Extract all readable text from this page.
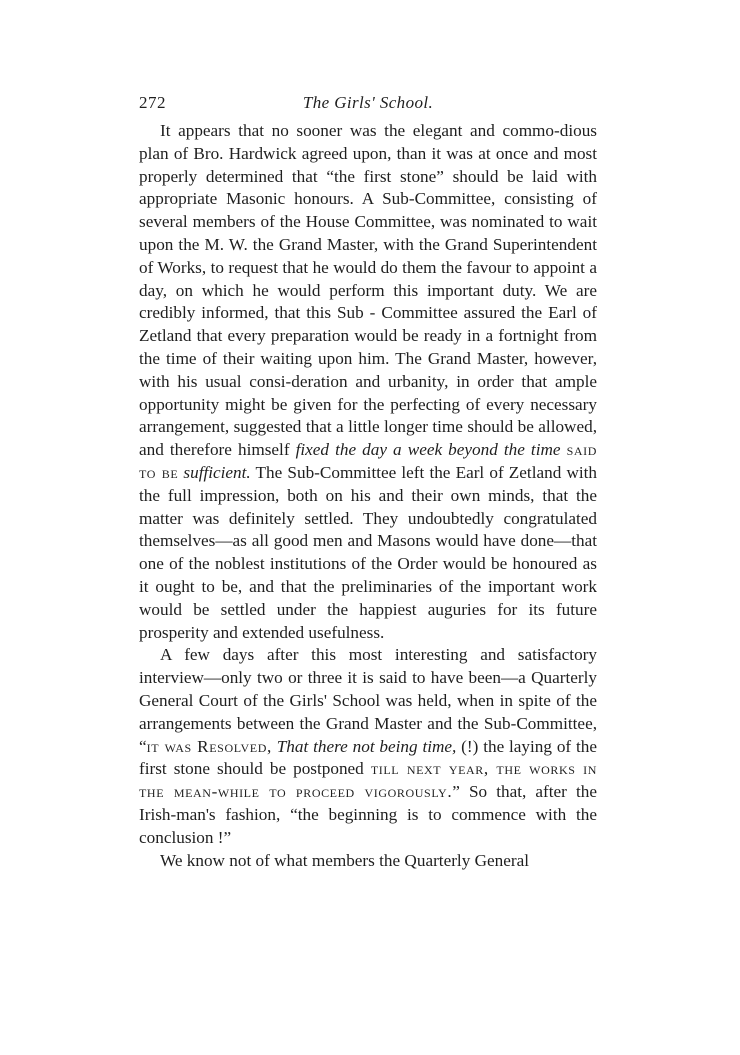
272	The Girls' School.

It appears that no sooner was the elegant and commo-dious plan of Bro. Hardwick agreed upon, than it was at once and most properly determined that “the first stone” should be laid with appropriate Masonic honours. A Sub-Committee, consisting of several members of the House Committee, was nominated to wait upon the M. W. the Grand Master, with the Grand Superintendent of Works, to request that he would do them the favour to appoint a day, on which he would perform this important duty. We are credibly informed, that this Sub - Committee assured the Earl of Zetland that every preparation would be ready in a fortnight from the time of their waiting upon him. The Grand Master, however, with his usual consi-deration and urbanity, in order that ample opportunity might be given for the perfecting of every necessary arrangement, suggested that a little longer time should be allowed, and therefore himself fixed the day a week beyond the time said to be sufficient. The Sub-Committee left the Earl of Zetland with the full impression, both on his and their own minds, that the matter was definitely settled. They undoubtedly congratulated themselves—as all good men and Masons would have done—that one of the noblest institutions of the Order would be honoured as it ought to be, and that the preliminaries of the important work would be settled under the happiest auguries for its future prosperity and extended usefulness.

A few days after this most interesting and satisfactory interview—only two or three it is said to have been—a Quarterly General Court of the Girls' School was held, when in spite of the arrangements between the Grand Master and the Sub-Committee, “it was Resolved, That there not being time, (!) the laying of the first stone should be postponed till next year, the works in the mean-while to proceed vigorously.” So that, after the Irish-man's fashion, “the beginning is to commence with the conclusion !”

We know not of what members the Quarterly General
